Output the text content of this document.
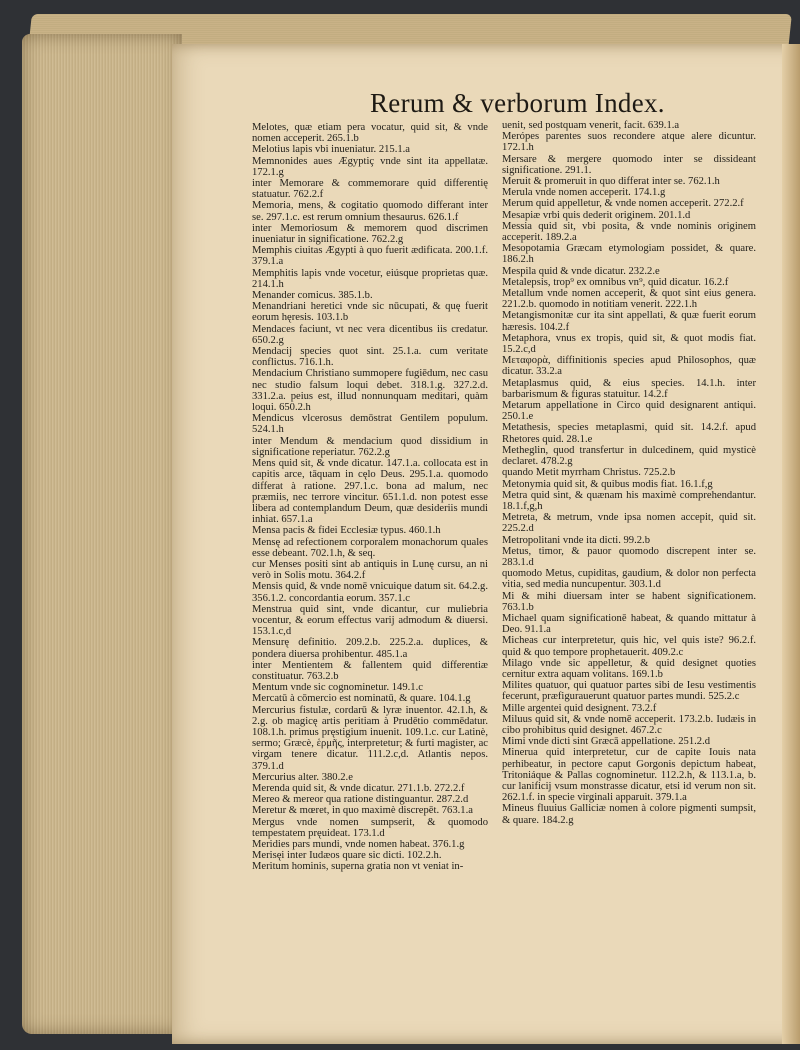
Rerum & verborum Index.

Melotes, quæ etiam pera vocatur, quid sit, & vnde nomen acceperit. 265.1.b

Melotius lapis vbi inueniatur. 215.1.a

Memnonides aues Ægyptiç vnde sint ita appellatæ. 172.1.g

inter Memorare & commemorare quid differentię statuatur. 762.2.f

Memoria, mens, & cogitatio quomodo differant inter se. 297.1.c. est rerum omnium thesaurus. 626.1.f

inter Memoriosum & memorem quod discrimen inueniatur in significatione. 762.2.g

Memphis ciuitas Ægypti à quo fuerit ædificata. 200.1.f. 379.1.a

Memphitis lapis vnde vocetur, eiúsque proprietas quæ. 214.1.h

Menander comicus. 385.1.b.

Menandriani heretici vnde sic nūcupati, & quę fuerit eorum hęresis. 103.1.b

Mendaces faciunt, vt nec vera dicentibus iis credatur. 650.2.g

Mendacij species quot sint. 25.1.a. cum veritate conflictus. 716.1.h.

Mendacium Christiano summopere fugiēdum, nec casu nec studio falsum loqui debet. 318.1.g. 327.2.d. 331.2.a. peius est, illud nonnunquam meditari, quàm loqui. 650.2.h

Mendicus vlcerosus demōstrat Gentilem populum. 524.1.h

inter Mendum & mendacium quod dissidium in significatione reperiatur. 762.2.g

Mens quid sit, & vnde dicatur. 147.1.a. collocata est in capitis arce, tāquam in cęlo Deus. 295.1.a. quomodo differat à ratione. 297.1.c. bona ad malum, nec præmiis, nec terrore vincitur. 651.1.d. non potest esse libera ad contemplandum Deum, quæ desideriis mundi inhiat. 657.1.a

Mensa pacis & fidei Ecclesiæ typus. 460.1.h

Mensę ad refectionem corporalem monachorum quales esse debeant. 702.1.h, & seq.

cur Menses positi sint ab antiquis in Lunę cursu, an ni verò in Solis motu. 364.2.f

Mensis quid, & vnde nomē vnicuique datum sit. 64.2.g. 356.1.2. concordantia eorum. 357.1.c

Menstrua quid sint, vnde dicantur, cur muliebria vocentur, & eorum effectus varij admodum & diuersi. 153.1.c,d

Mensurę definitio. 209.2.b. 225.2.a. duplices, & pondera diuersa prohibentur. 485.1.a

inter Mentientem & fallentem quid differentiæ constituatur. 763.2.b

Mentum vnde sic cognominetur. 149.1.c

Mercatū à cōmercio est nominatū, & quare. 104.1.g

Mercurius fistulæ, cordarū & lyræ inuentor. 42.1.h, & 2.g. ob magicę artis peritiam à Prudētio commēdatur. 108.1.h. primus pręstigium inuenit. 109.1.c. cur Latinè, sermo; Græcè, ἑρμῆς, interpretetur; & furti magister, ac virgam tenere dicatur. 111.2.c,d. Atlantis nepos. 379.1.d

Mercurius alter. 380.2.e

Merenda quid sit, & vnde dicatur. 271.1.b. 272.2.f

Mereo & mereor qua ratione distinguantur. 287.2.d

Meretur & mœret, in quo maximè discrepēt. 763.1.a

Mergus vnde nomen sumpserit, & quomodo tempestatem pręuideat. 173.1.d

Meridies pars mundi, vnde nomen habeat. 376.1.g

Merisęi inter Iudæos quare sic dicti. 102.2.h.

Meritum hominis, superna gratia non vt veniat in-

uenit, sed postquam venerit, facit. 639.1.a

Merópes parentes suos recondere atque alere dicuntur. 172.1.h

Mersare & mergere quomodo inter se dissideant significatione. 291.1.

Meruit & promeruit in quo differat inter se. 762.1.h

Merula vnde nomen acceperit. 174.1.g

Merum quid appelletur, & vnde nomen acceperit. 272.2.f

Mesapiæ vrbi quis dederit originem. 201.1.d

Messia quid sit, vbi posita, & vnde nominis originem acceperit. 189.2.a

Mesopotamia Græcam etymologiam possidet, & quare. 186.2.h

Mespila quid & vnde dicatur. 232.2.e

Metalepsis, trop⁹ ex omnibus vn⁹, quid dicatur. 16.2.f

Metallum vnde nomen acceperit, & quot sint eius genera. 221.2.b. quomodo in notitiam venerit. 222.1.h

Metangismonitæ cur ita sint appellati, & quæ fuerit eorum hæresis. 104.2.f

Metaphora, vnus ex tropis, quid sit, & quot modis fiat. 15.2.c,d

Μεταφορὰ, diffinitionis species apud Philosophos, quæ dicatur. 33.2.a

Metaplasmus quid, & eius species. 14.1.h. inter barbarismum & figuras statuitur. 14.2.f

Metarum appellatione in Circo quid designarent antiqui. 250.1.e

Metathesis, species metaplasmi, quid sit. 14.2.f. apud Rhetores quid. 28.1.e

Metheglin, quod transfertur in dulcedinem, quid mysticè declaret. 478.2.g

quando Metit myrrham Christus. 725.2.b

Metonymia quid sit, & quibus modis fiat. 16.1.f,g

Metra quid sint, & quænam his maximè comprehendantur. 18.1.f,g,h

Metreta, & metrum, vnde ipsa nomen accepit, quid sit. 225.2.d

Metropolitani vnde ita dicti. 99.2.b

Metus, timor, & pauor quomodo discrepent inter se. 283.1.d

quomodo Metus, cupiditas, gaudium, & dolor non perfecta vitia, sed media nuncupentur. 303.1.d

Mi & mihi diuersam inter se habent significationem. 763.1.b

Michael quam significationē habeat, & quando mittatur à Deo. 91.1.a

Micheas cur interpretetur, quis hic, vel quis iste? 96.2.f. quid & quo tempore prophetauerit. 409.2.c

Milago vnde sic appelletur, & quid designet quoties cernitur extra aquam volitans. 169.1.b

Milites quatuor, qui quatuor partes sibi de Iesu vestimentis fecerunt, præfigurauerunt quatuor partes mundi. 525.2.c

Mille argentei quid designent. 73.2.f

Miluus quid sit, & vnde nomē acceperit. 173.2.b. Iudæis in cibo prohibitus quid designet. 467.2.c

Mimi vnde dicti sint Græcā appellatione. 251.2.d

Minerua quid interpretetur, cur de capite Iouis nata perhibeatur, in pectore caput Gorgonis depictum habeat, Tritoniáque & Pallas cognominetur. 112.2.h, & 113.1.a, b. cur lanificij vsum monstrasse dicatur, etsi id verum non sit. 262.1.f. in specie virginali apparuit. 379.1.a

Mineus fluuius Galliciæ nomen à colore pigmenti sumpsit, & quare. 184.2.g
